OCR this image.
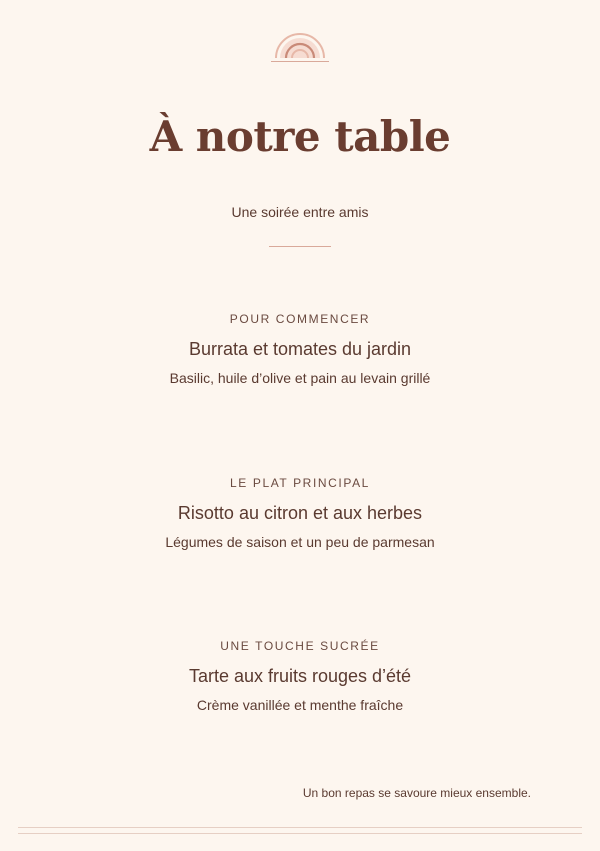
À notre table
Une soirée entre amis
POUR COMMENCER
Burrata et tomates du jardin
Basilic, huile d’olive et pain au levain grillé
LE PLAT PRINCIPAL
Risotto au citron et aux herbes
Légumes de saison et un peu de parmesan
UNE TOUCHE SUCRÉE
Tarte aux fruits rouges d’été
Crème vanillée et menthe fraîche
Un bon repas se savoure mieux ensemble.
